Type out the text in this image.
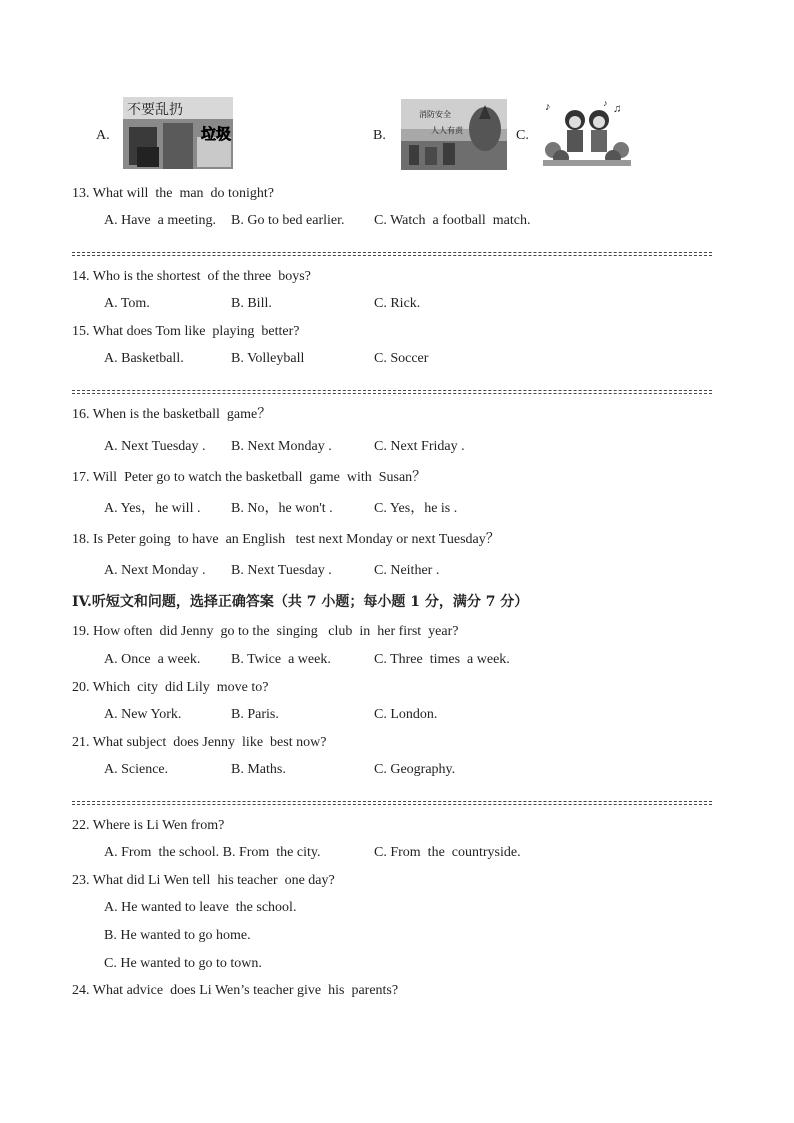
A.
不要乱扔
垃圾	B.
消防安全
人人有责	C.
♪	♫
♪
13. What will  the  man  do tonight?
A. Have  a meeting. B. Go to bed earlier. C. Watch  a football  match.
14. Who is the shortest  of the three  boys?
A. Tom.	B. Bill.	C. Rick.
15. What does Tom like  playing  better?
A. Basketball.	B. Volleyball	C. Soccer
16. When is the basketball  game？
A. Next Tuesday . B. Next Monday .	C. Next Friday .
17. Will  Peter go to watch the basketball  game  with  Susan？
A. Yes，he will . B. No，he won't .	C. Yes，he is .
18. Is Peter going  to have  an English   test next Monday or next Tuesday？
A. Next Monday . B. Next Tuesday .	C. Neither .
IV.听短文和问题，选择正确答案（共 7 小题；每小题 1 分，满分 7 分）
19. How often  did Jenny  go to the  singing   club  in  her first  year?
A. Once  a week. B. Twice  a week.	C. Three  times  a week.
20. Which  city  did Lily  move to?
A. New York.	B. Paris.	C. London.
21. What subject  does Jenny  like  best now?
A. Science.	B. Maths.	C. Geography.
22. Where is Li Wen from?
A. From  the school. B. From  the city.	C. From  the  countryside.
23. What did Li Wen tell  his teacher  one day?
A. He wanted to leave  the school.
B. He wanted to go home.
C. He wanted to go to town.
24. What advice  does Li Wen’s teacher give  his  parents?
